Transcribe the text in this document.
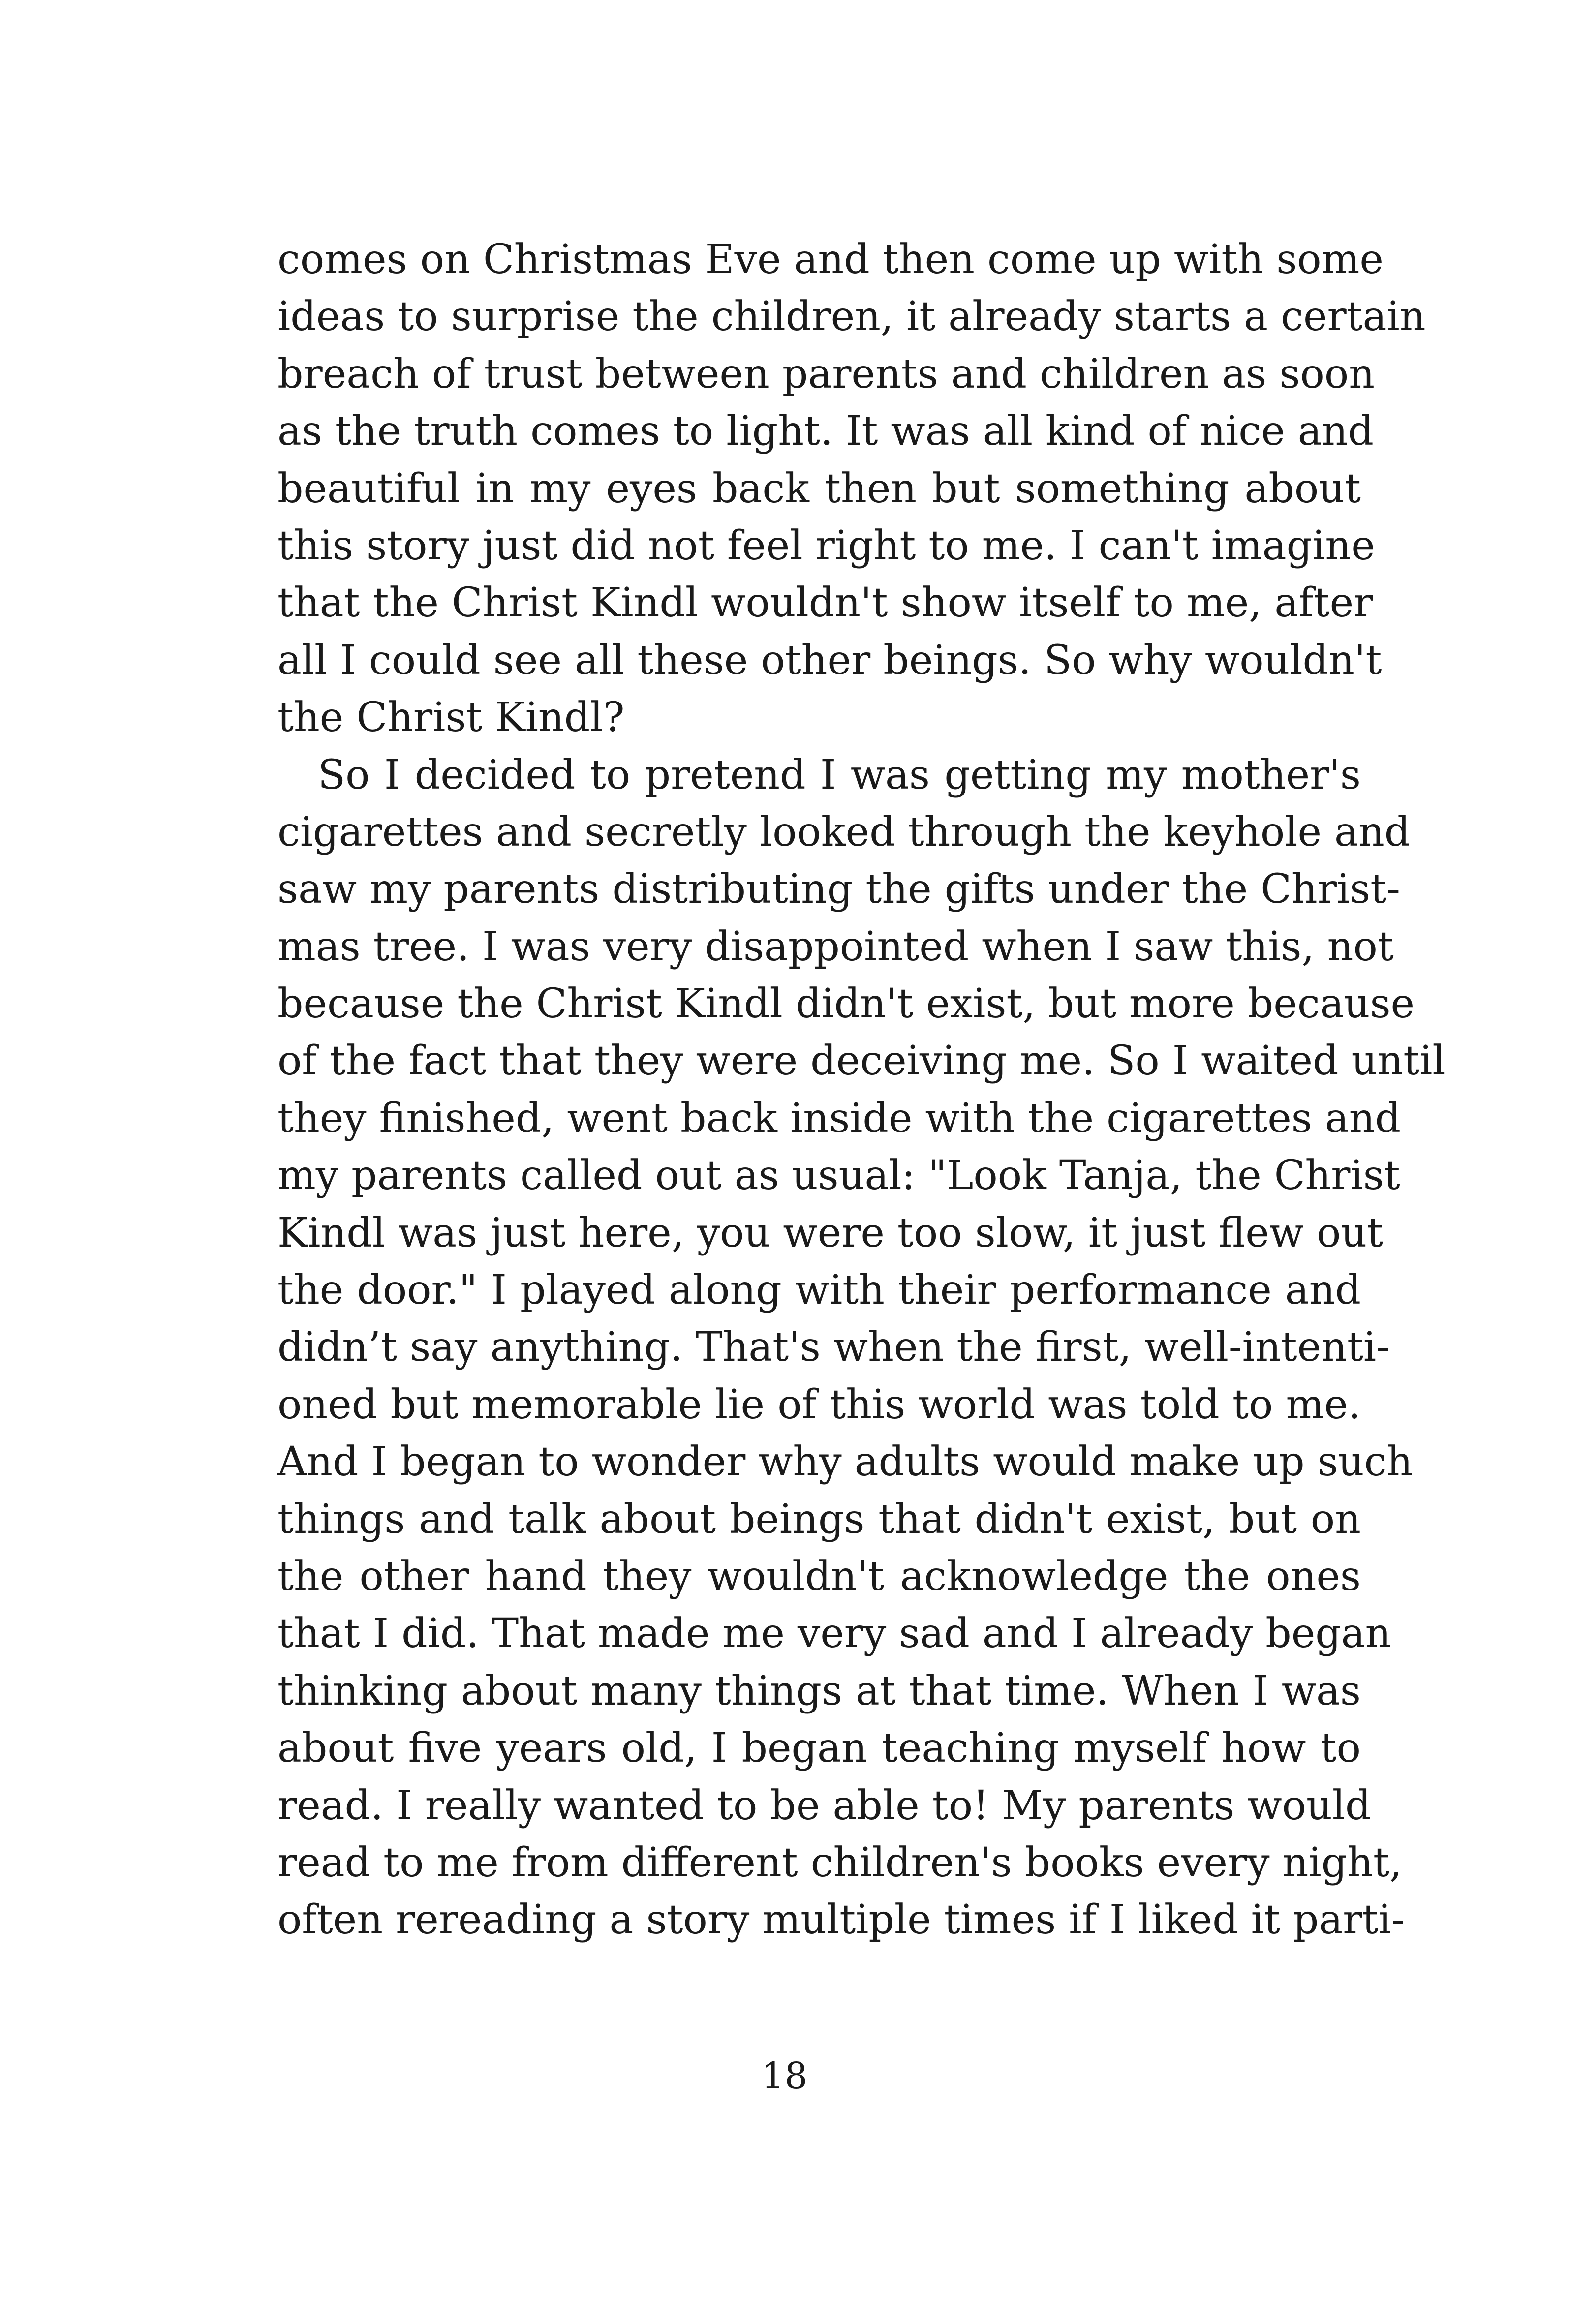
comes on Christmas Eve and then come up with some
ideas to surprise the children, it already starts a certain
breach of trust between parents and children as soon
as the truth comes to light. It was all kind of nice and
beautiful in my eyes back then but something about
this story just did not feel right to me. I can't imagine
that the Christ Kindl wouldn't show itself to me, after
all I could see all these other beings. So why wouldn't
the Christ Kindl?
So I decided to pretend I was getting my mother's
cigarettes and secretly looked through the keyhole and
saw my parents distributing the gifts under the Christ-
mas tree. I was very disappointed when I saw this, not
because the Christ Kindl didn't exist, but more because
of the fact that they were deceiving me. So I waited until
they finished, went back inside with the cigarettes and
my parents called out as usual: "Look Tanja, the Christ
Kindl was just here, you were too slow, it just flew out
the door." I played along with their performance and
didn’t say anything. That's when the first, well-intenti-
oned but memorable lie of this world was told to me.
And I began to wonder why adults would make up such
things and talk about beings that didn't exist, but on
the other hand they wouldn't acknowledge the ones
that I did. That made me very sad and I already began
thinking about many things at that time. When I was
about five years old, I began teaching myself how to
read. I really wanted to be able to! My parents would
read to me from different children's books every night,
often rereading a story multiple times if I liked it parti-
18
